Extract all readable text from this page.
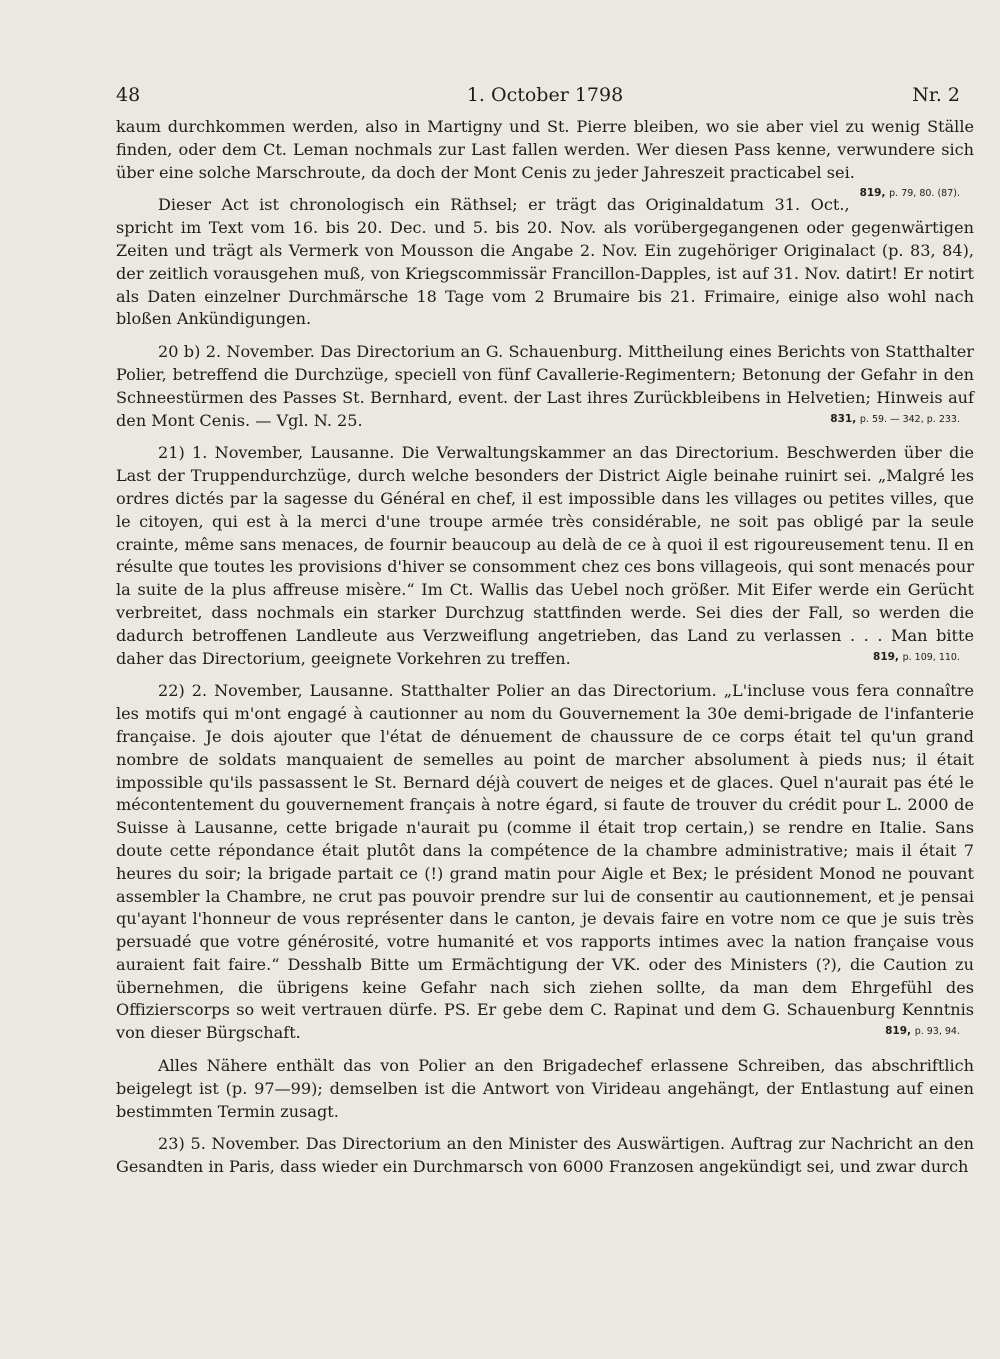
48	1. October 1798	Nr. 2

kaum durchkommen werden, also in Martigny und St. Pierre bleiben, wo sie aber viel zu wenig Ställe finden, oder dem Ct. Leman nochmals zur Last fallen werden. Wer diesen Pass kenne, verwundere sich über eine solche Marschroute, da doch der Mont Cenis zu jeder Jahreszeit practicabel sei.
819, p. 79, 80. (87).

Dieser Act ist chronologisch ein Räthsel; er trägt das Originaldatum 31. Oct., spricht im Text vom 16. bis 20. Dec. und 5. bis 20. Nov. als vorübergegangenen oder gegenwärtigen Zeiten und trägt als Vermerk von Mousson die Angabe 2. Nov. Ein zugehöriger Originalact (p. 83, 84), der zeitlich vorausgehen muß, von Kriegscommissär Francillon-Dapples, ist auf 31. Nov. datirt! Er notirt als Daten einzelner Durchmärsche 18 Tage vom 2 Brumaire bis 21. Frimaire, einige also wohl nach bloßen Ankündigungen.

20 b) 2. November. Das Directorium an G. Schauenburg. Mittheilung eines Berichts von Statthalter Polier, betreffend die Durchzüge, speciell von fünf Cavallerie-Regimentern; Betonung der Gefahr in den Schneestürmen des Passes St. Bernhard, event. der Last ihres Zurückbleibens in Helvetien; Hinweis auf den Mont Cenis. — Vgl. N. 25.	831, p. 59. — 342, p. 233.

21) 1. November, Lausanne. Die Verwaltungskammer an das Directorium. Beschwerden über die Last der Truppendurchzüge, durch welche besonders der District Aigle beinahe ruinirt sei. „Malgré les ordres dictés par la sagesse du Général en chef, il est impossible dans les villages ou petites villes, que le citoyen, qui est à la merci d'une troupe armée très considérable, ne soit pas obligé par la seule crainte, même sans menaces, de fournir beaucoup au delà de ce à quoi il est rigoureusement tenu. Il en résulte que toutes les provisions d'hiver se consomment chez ces bons villageois, qui sont menacés pour la suite de la plus affreuse misère.“ Im Ct. Wallis das Uebel noch größer. Mit Eifer werde ein Gerücht verbreitet, dass nochmals ein starker Durchzug stattfinden werde. Sei dies der Fall, so werden die dadurch betroffenen Landleute aus Verzweiflung angetrieben, das Land zu verlassen . . . Man bitte daher das Directorium, geeignete Vorkehren zu treffen.	819, p. 109, 110.

22) 2. November, Lausanne. Statthalter Polier an das Directorium. „L'incluse vous fera connaître les motifs qui m'ont engagé à cautionner au nom du Gouvernement la 30e demi-brigade de l'infanterie française. Je dois ajouter que l'état de dénuement de chaussure de ce corps était tel qu'un grand nombre de soldats manquaient de semelles au point de marcher absolument à pieds nus; il était impossible qu'ils passassent le St. Bernard déjà couvert de neiges et de glaces. Quel n'aurait pas été le mécontentement du gouvernement français à notre égard, si faute de trouver du crédit pour L. 2000 de Suisse à Lausanne, cette brigade n'aurait pu (comme il était trop certain,) se rendre en Italie. Sans doute cette répondance était plutôt dans la compétence de la chambre administrative; mais il était 7 heures du soir; la brigade partait ce (!) grand matin pour Aigle et Bex; le président Monod ne pouvant assembler la Chambre, ne crut pas pouvoir prendre sur lui de consentir au cautionnement, et je pensai qu'ayant l'honneur de vous représenter dans le canton, je devais faire en votre nom ce que je suis très persuadé que votre générosité, votre humanité et vos rapports intimes avec la nation française vous auraient fait faire.“ Desshalb Bitte um Ermächtigung der VK. oder des Ministers (?), die Caution zu übernehmen, die übrigens keine Gefahr nach sich ziehen sollte, da man dem Ehrgefühl des Offizierscorps so weit vertrauen dürfe. PS. Er gebe dem C. Rapinat und dem G. Schauenburg Kenntnis von dieser Bürgschaft.	819, p. 93, 94.

Alles Nähere enthält das von Polier an den Brigadechef erlassene Schreiben, das abschriftlich beigelegt ist (p. 97—99); demselben ist die Antwort von Virideau angehängt, der Entlastung auf einen bestimmten Termin zusagt.

23) 5. November. Das Directorium an den Minister des Auswärtigen. Auftrag zur Nachricht an den Gesandten in Paris, dass wieder ein Durchmarsch von 6000 Franzosen angekündigt sei, und zwar durch
